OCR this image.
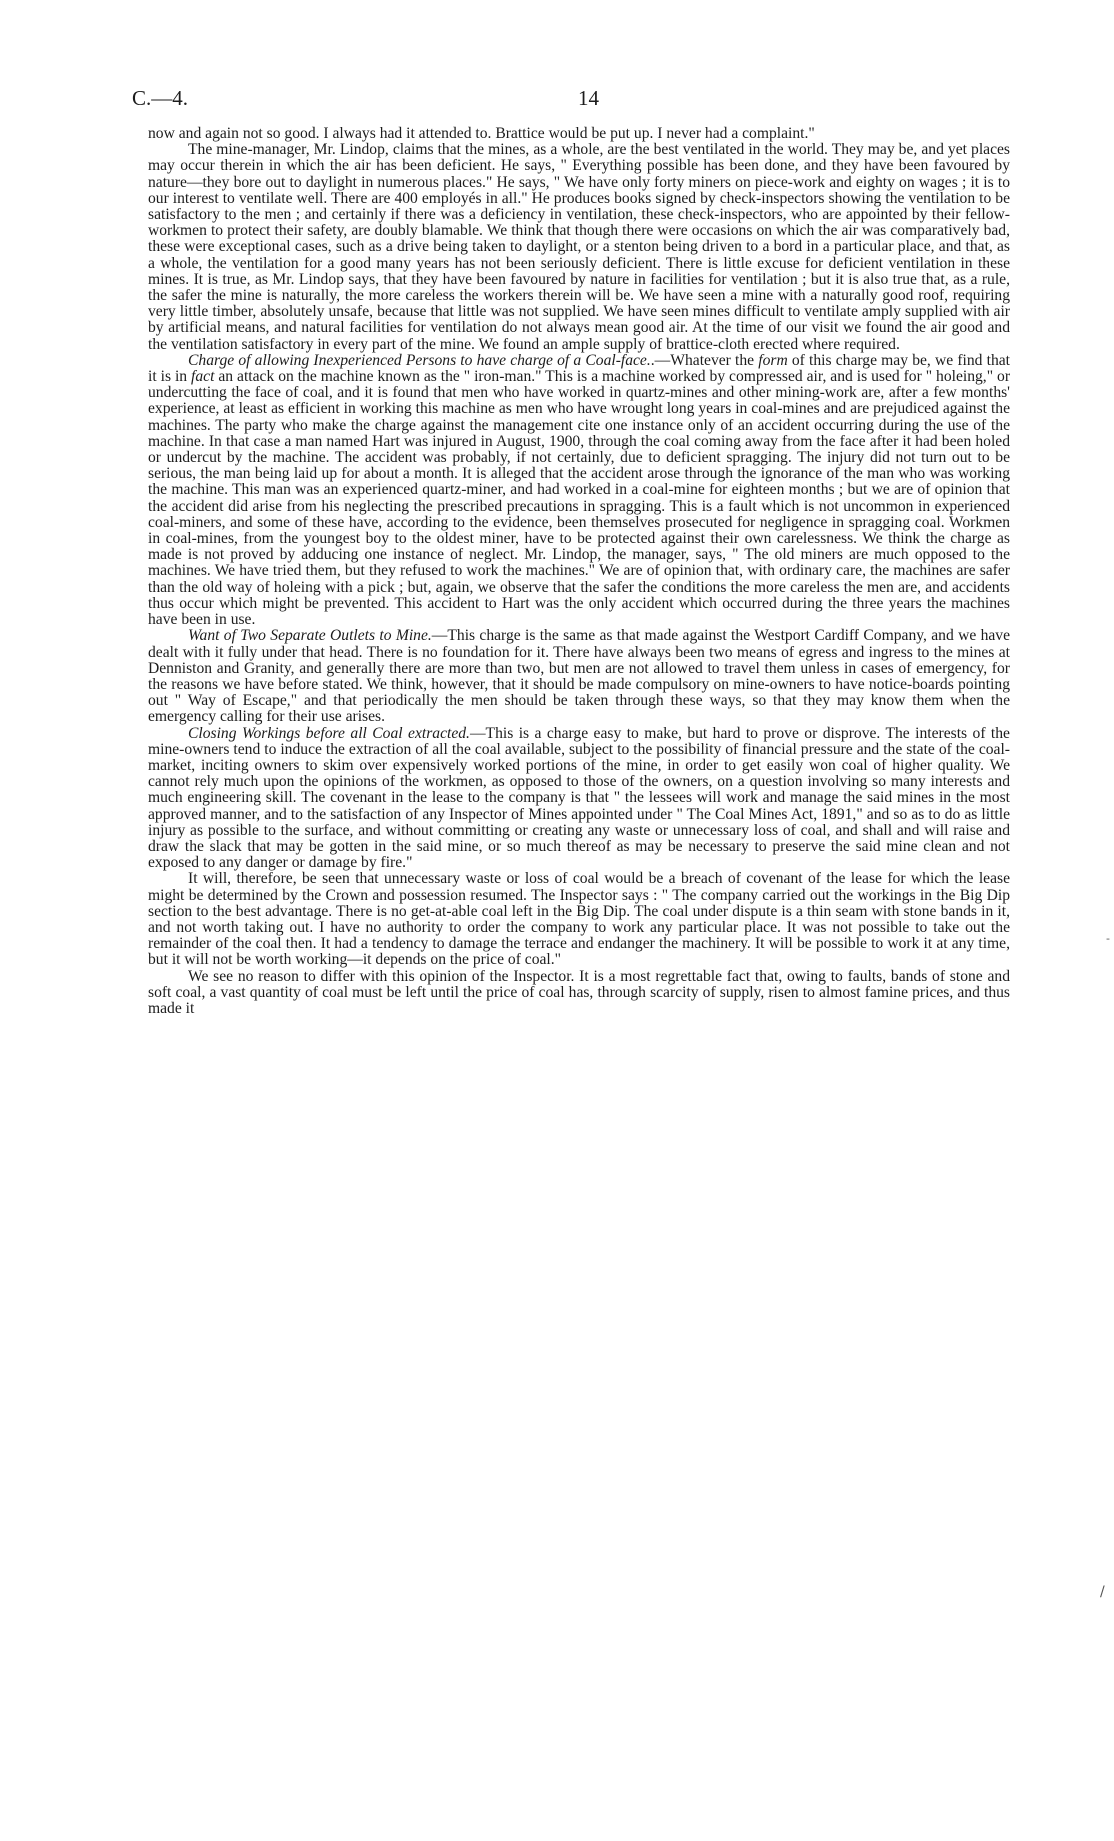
C.—4.	14

now and again not so good. I always had it attended to. Brattice would be put up. I never had a complaint."

The mine-manager, Mr. Lindop, claims that the mines, as a whole, are the best ventilated in the world. They may be, and yet places may occur therein in which the air has been deficient. He says, " Everything possible has been done, and they have been favoured by nature—they bore out to daylight in numerous places." He says, " We have only forty miners on piece-work and eighty on wages ; it is to our interest to ventilate well. There are 400 employés in all." He produces books signed by check-inspectors showing the ventilation to be satisfactory to the men ; and certainly if there was a deficiency in ventilation, these check-inspectors, who are appointed by their fellow-workmen to protect their safety, are doubly blamable. We think that though there were occasions on which the air was comparatively bad, these were exceptional cases, such as a drive being taken to daylight, or a stenton being driven to a bord in a particular place, and that, as a whole, the ventilation for a good many years has not been seriously deficient. There is little excuse for deficient ventilation in these mines. It is true, as Mr. Lindop says, that they have been favoured by nature in facilities for ventilation ; but it is also true that, as a rule, the safer the mine is naturally, the more careless the workers therein will be. We have seen a mine with a naturally good roof, requiring very little timber, absolutely unsafe, because that little was not supplied. We have seen mines difficult to ventilate amply supplied with air by artificial means, and natural facilities for ventilation do not always mean good air. At the time of our visit we found the air good and the ventilation satisfactory in every part of the mine. We found an ample supply of brattice-cloth erected where required.

Charge of allowing Inexperienced Persons to have charge of a Coal-face..—Whatever the form of this charge may be, we find that it is in fact an attack on the machine known as the " iron-man." This is a machine worked by compressed air, and is used for " holeing," or undercutting the face of coal, and it is found that men who have worked in quartz-mines and other mining-work are, after a few months' experience, at least as efficient in working this machine as men who have wrought long years in coal-mines and are prejudiced against the machines. The party who make the charge against the management cite one instance only of an accident occurring during the use of the machine. In that case a man named Hart was injured in August, 1900, through the coal coming away from the face after it had been holed or undercut by the machine. The accident was probably, if not certainly, due to deficient spragging. The injury did not turn out to be serious, the man being laid up for about a month. It is alleged that the accident arose through the ignorance of the man who was working the machine. This man was an experienced quartz-miner, and had worked in a coal-mine for eighteen months ; but we are of opinion that the accident did arise from his neglecting the prescribed precautions in spragging. This is a fault which is not uncommon in experienced coal-miners, and some of these have, according to the evidence, been themselves prosecuted for negligence in spragging coal. Workmen in coal-mines, from the youngest boy to the oldest miner, have to be protected against their own carelessness. We think the charge as made is not proved by adducing one instance of neglect. Mr. Lindop, the manager, says, " The old miners are much opposed to the machines. We have tried them, but they refused to work the machines." We are of opinion that, with ordinary care, the machines are safer than the old way of holeing with a pick ; but, again, we observe that the safer the conditions the more careless the men are, and accidents thus occur which might be prevented. This accident to Hart was the only accident which occurred during the three years the machines have been in use.

Want of Two Separate Outlets to Mine.—This charge is the same as that made against the Westport Cardiff Company, and we have dealt with it fully under that head. There is no foundation for it. There have always been two means of egress and ingress to the mines at Denniston and Granity, and generally there are more than two, but men are not allowed to travel them unless in cases of emergency, for the reasons we have before stated. We think, however, that it should be made compulsory on mine-owners to have notice-boards pointing out " Way of Escape," and that periodically the men should be taken through these ways, so that they may know them when the emergency calling for their use arises.

Closing Workings before all Coal extracted.—This is a charge easy to make, but hard to prove or disprove. The interests of the mine-owners tend to induce the extraction of all the coal available, subject to the possibility of financial pressure and the state of the coal-market, inciting owners to skim over expensively worked portions of the mine, in order to get easily won coal of higher quality. We cannot rely much upon the opinions of the workmen, as opposed to those of the owners, on a question involving so many interests and much engineering skill. The covenant in the lease to the company is that " the lessees will work and manage the said mines in the most approved manner, and to the satisfaction of any Inspector of Mines appointed under " The Coal Mines Act, 1891," and so as to do as little injury as possible to the surface, and without committing or creating any waste or unnecessary loss of coal, and shall and will raise and draw the slack that may be gotten in the said mine, or so much thereof as may be necessary to preserve the said mine clean and not exposed to any danger or damage by fire."

It will, therefore, be seen that unnecessary waste or loss of coal would be a breach of covenant of the lease for which the lease might be determined by the Crown and possession resumed. The Inspector says : " The company carried out the workings in the Big Dip section to the best advantage. There is no get-at-able coal left in the Big Dip. The coal under dispute is a thin seam with stone bands in it, and not worth taking out. I have no authority to order the company to work any particular place. It was not possible to take out the remainder of the coal then. It had a tendency to damage the terrace and endanger the machinery. It will be possible to work it at any time, but it will not be worth working—it depends on the price of coal."

We see no reason to differ with this opinion of the Inspector. It is a most regrettable fact that, owing to faults, bands of stone and soft coal, a vast quantity of coal must be left until the price of coal has, through scarcity of supply, risen to almost famine prices, and thus made it

-
/
